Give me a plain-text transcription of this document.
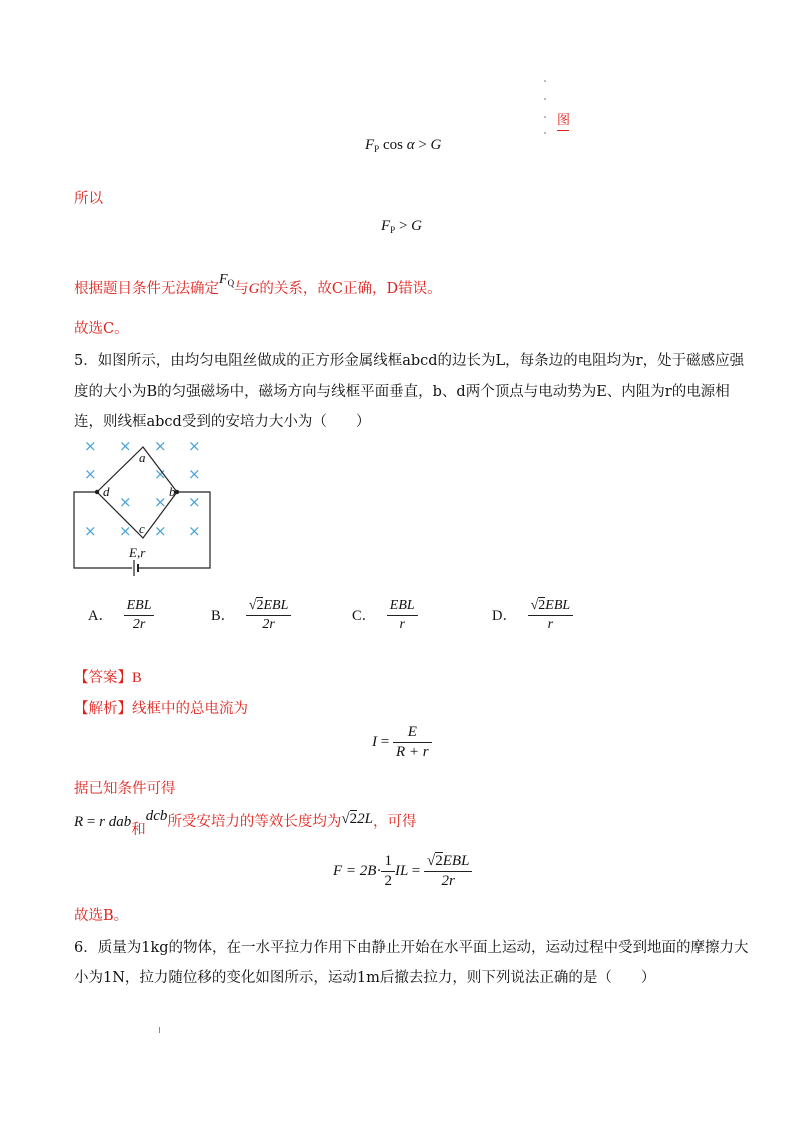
图
$F_P$ cos α > G
所以
$F_P > G$
根据题目条件无法确定$F_Q$与G的关系，故C正确，D错误。
故选C。
5．如图所示，由均匀电阻丝做成的正方形金属线框abcd的边长为L，每条边的电阻均为r，处于磁感应强
度的大小为B的匀强磁场中，磁场方向与线框平面垂直，b、d两个顶点与电动势为E、内阻为r的电源相
连，则线框abcd受到的安培力大小为（　　）
× × × ×
×	× ×
× ×
× × ×
×
×
a
b
c
d
E,r
A． $\frac{\text{EBL}}{2r}$	B． $\frac{\text{√2EBL}}{2r}$	C． $\frac{\text{EBL}}{r}$	D． $\frac{\text{√2EBL}}{r}$
【答案】B
【解析】线框中的总电流为
$I = \frac{E}{R + r}$
据已知条件可得
R = r dab和dcb所受安培力的等效长度均为√22L，可得
$F = 2B\cdot \frac{1}{2}$ IL = $\frac{\text{√2EBL}}{2r}$
故选B。
6．质量为1kg的物体，在一水平拉力作用下由静止开始在水平面上运动，运动过程中受到地面的摩擦力大
小为1N，拉力随位移的变化如图所示，运动1m后撤去拉力，则下列说法正确的是（　　）
